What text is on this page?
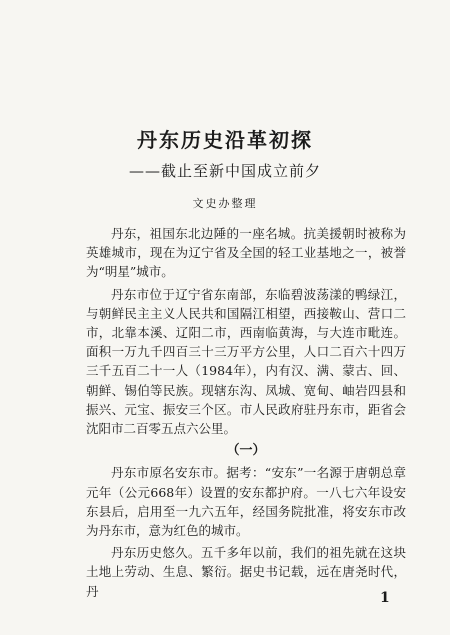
丹东历史沿革初探
——截止至新中国成立前夕
文史办整理

丹东，祖国东北边陲的一座名城。抗美援朝时被称为英雄城市，现在为辽宁省及全国的轻工业基地之一，被誉为“明星”城市。

丹东市位于辽宁省东南部，东临碧波荡漾的鸭绿江，与朝鲜民主主义人民共和国隔江相望，西接鞍山、营口二市，北靠本溪、辽阳二市，西南临黄海，与大连市毗连。面积一万九千四百三十三万平方公里，人口二百六十四万三千五百二十一人（1984年），内有汉、满、蒙古、回、朝鲜、锡伯等民族。现辖东沟、凤城、宽甸、岫岩四县和振兴、元宝、振安三个区。市人民政府驻丹东市，距省会沈阳市二百零五点六公里。

（一）

丹东市原名安东市。据考：“安东”一名源于唐朝总章元年（公元668年）设置的安东都护府。一八七六年设安东县后，启用至一九六五年，经国务院批准，将安东市改为丹东市，意为红色的城市。

丹东历史悠久。五千多年以前，我们的祖先就在这块土地上劳动、生息、繁衍。据史书记载，远在唐尧时代，丹	1
